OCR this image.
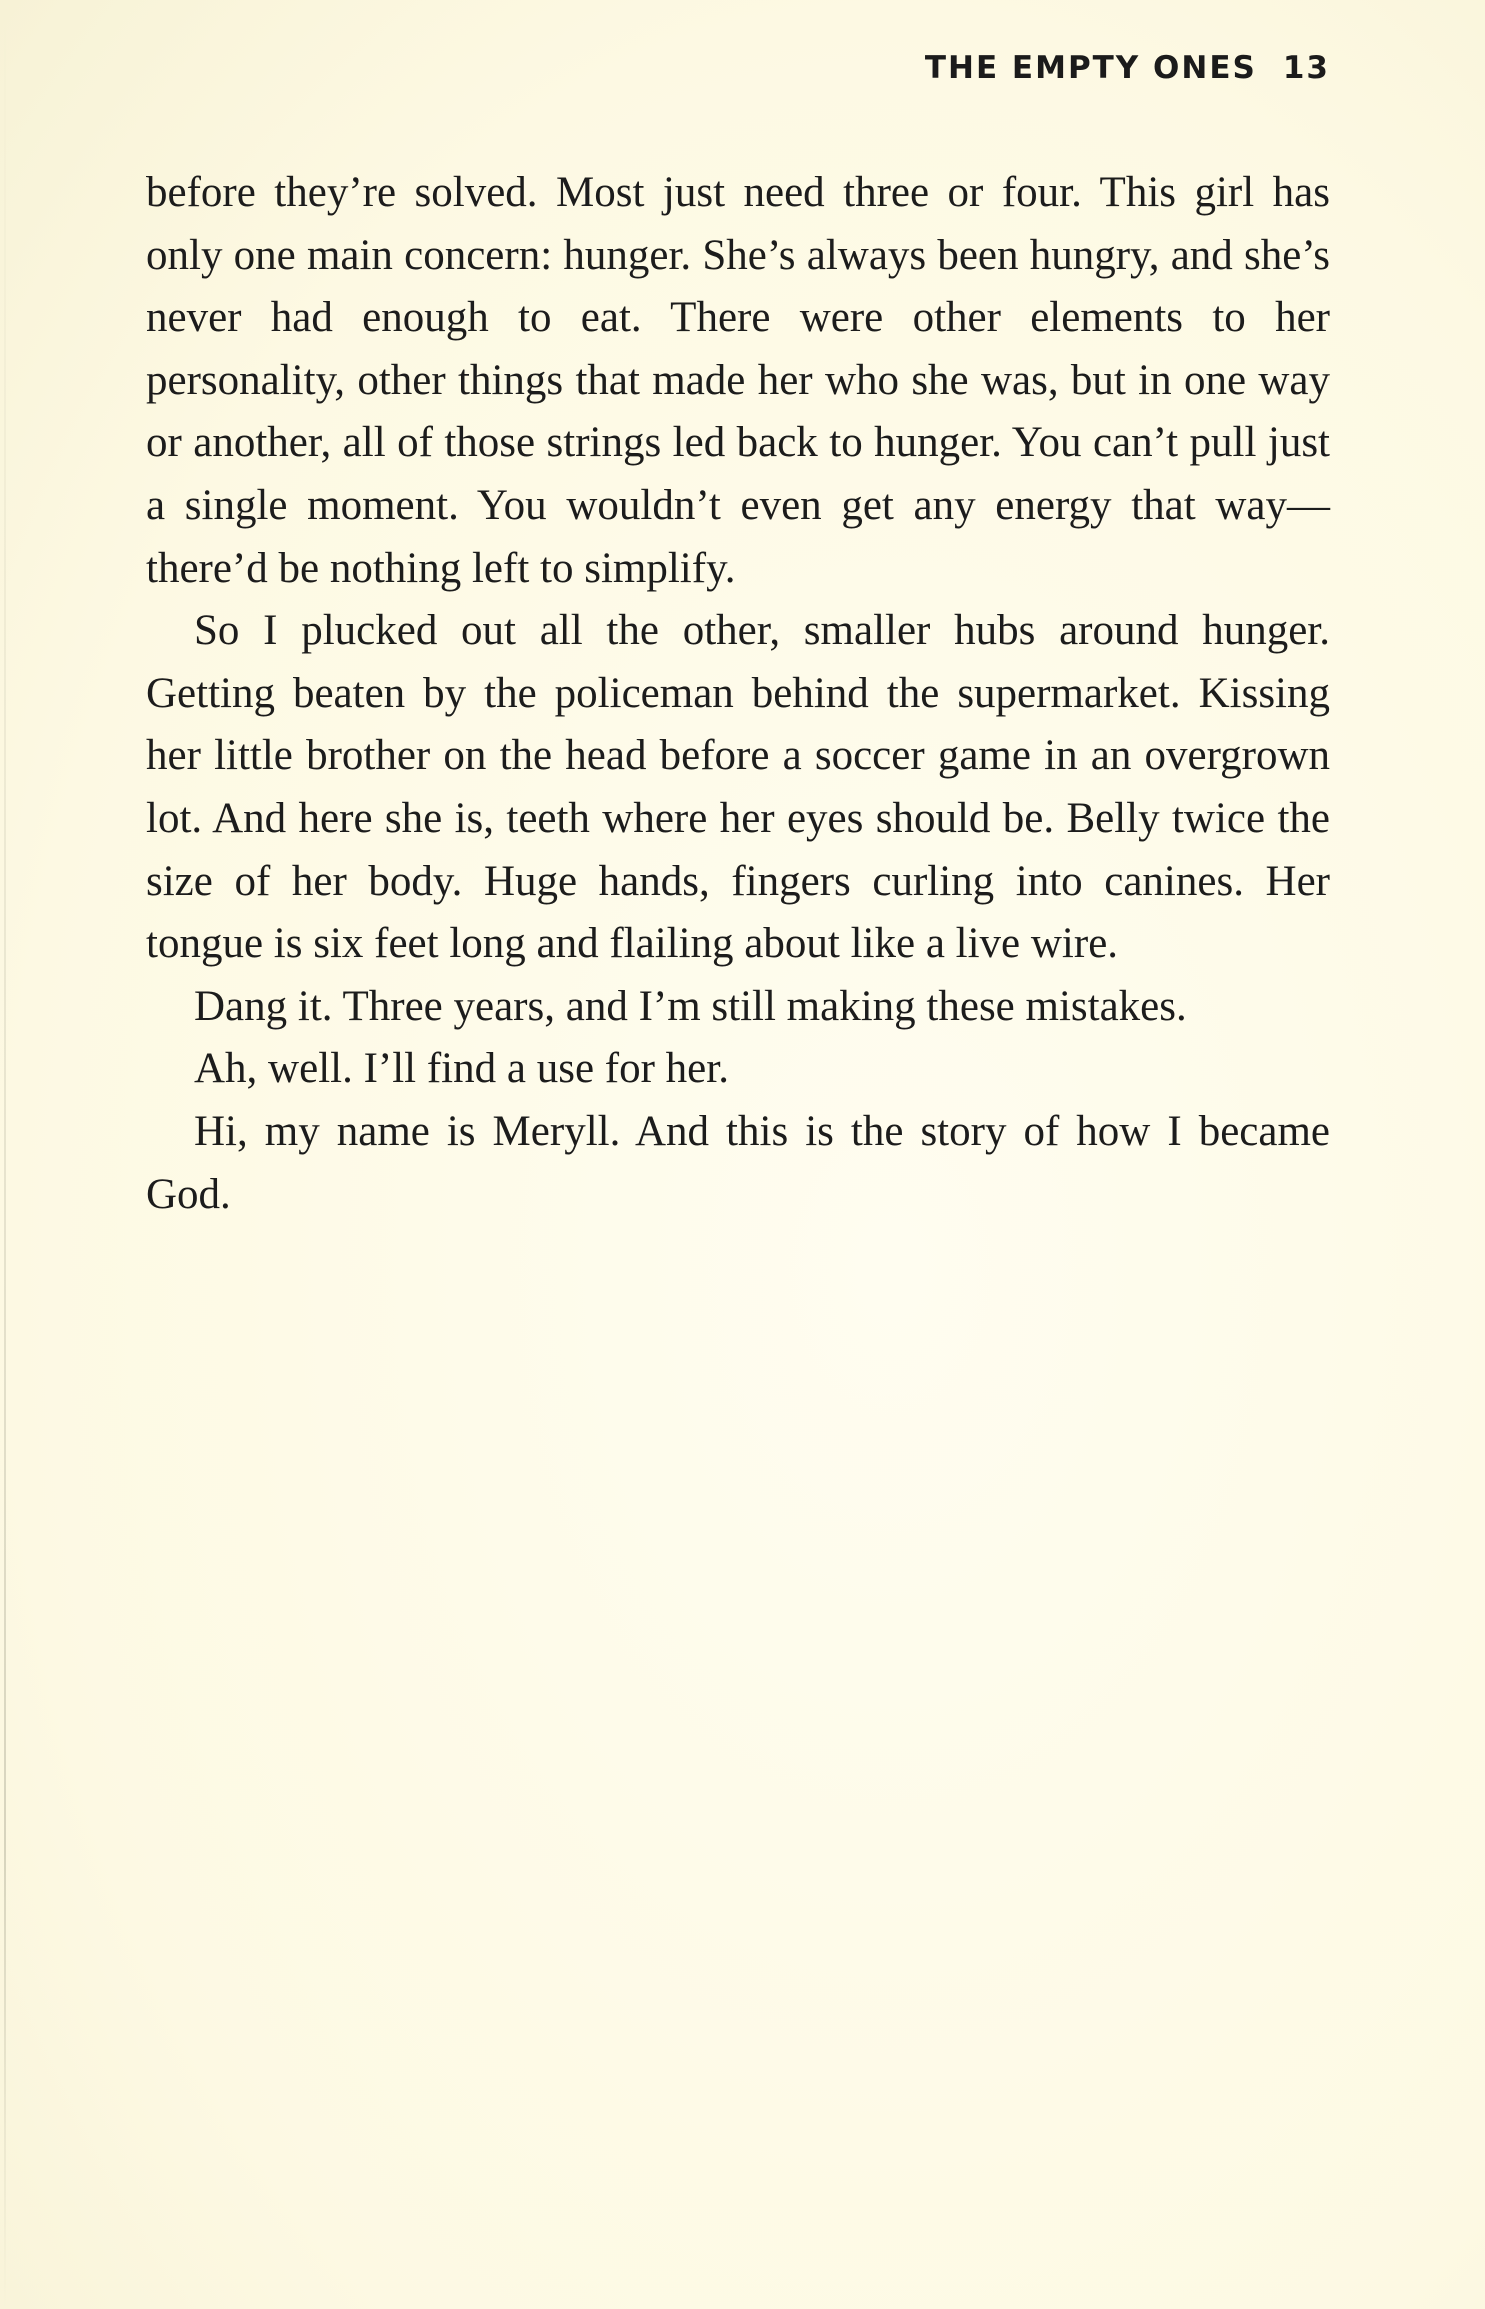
THE EMPTY ONES 13

before they’re solved. Most just need three or four. This girl has only one main concern: hunger. She’s always been hungry, and she’s never had enough to eat. There were other elements to her personality, other things that made her who she was, but in one way or another, all of those strings led back to hunger. You can’t pull just a single moment. You wouldn’t even get any energy that way—there’d be nothing left to simplify.

So I plucked out all the other, smaller hubs around hunger. Getting beaten by the policeman behind the supermarket. Kissing her little brother on the head before a soccer game in an overgrown lot. And here she is, teeth where her eyes should be. Belly twice the size of her body. Huge hands, fingers curling into canines. Her tongue is six feet long and flailing about like a live wire.

Dang it. Three years, and I’m still making these mistakes.

Ah, well. I’ll find a use for her.

Hi, my name is Meryll. And this is the story of how I became God.
